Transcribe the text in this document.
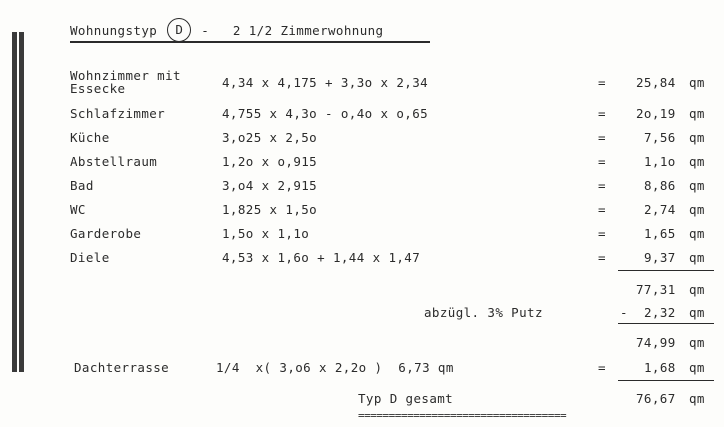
Wohnungstyp	D	-   2 1/2 Zimmerwohnung
Wohnzimmer mit
Essecke	4,34 x 4,175 + 3,3o x 2,34	= 25,84 qm
Schlafzimmer	4,755 x 4,3o - o,4o x o,65	= 2o,19 qm
Küche	3,o25 x 2,5o	=	7,56 qm
Abstellraum	1,2o x o,915	=	1,1o qm
Bad	3,o4 x 2,915	=	8,86 qm
WC	1,825 x 1,5o	=	2,74 qm
Garderobe	1,5o x 1,1o	=	1,65 qm
Diele	4,53 x 1,6o + 1,44 x 1,47	=	9,37 qm
77,31 qm
abzügl. 3% Putz	- 2,32 qm
74,99 qm
Dachterrasse	1/4  x( 3,o6 x 2,2o )  6,73 qm	=	1,68 qm
Typ D gesamt	76,67 qm
==================================
